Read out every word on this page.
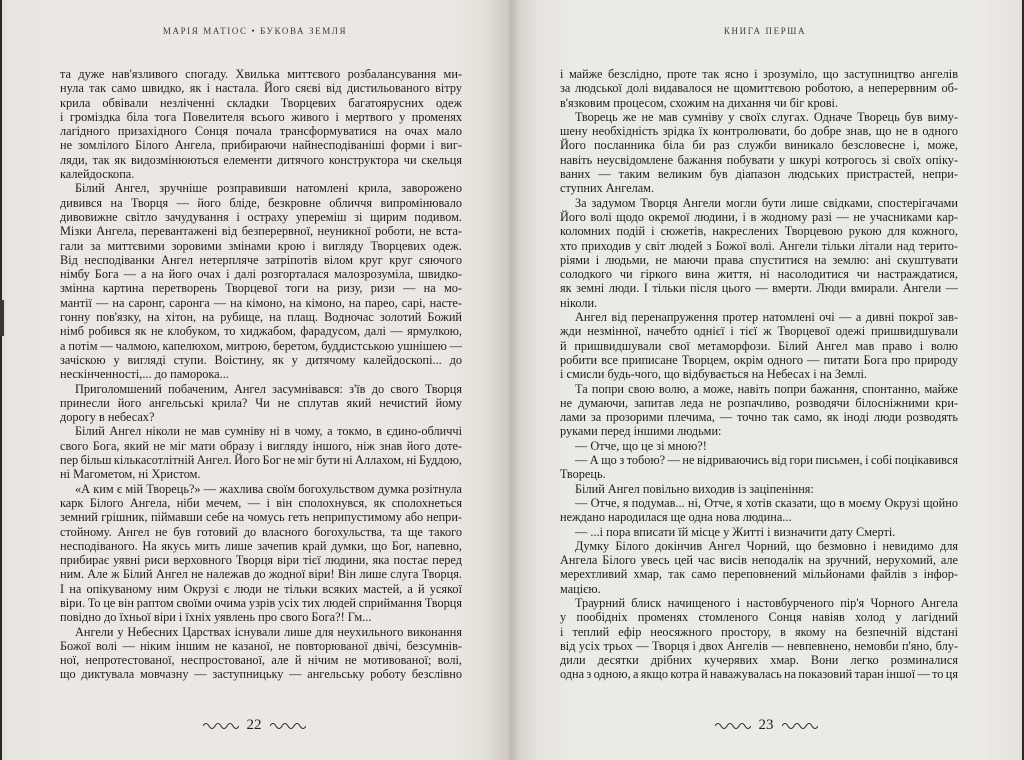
МАРІЯ МАТІОС • БУКОВА ЗЕМЛЯ
та дуже нав'язливого спогаду. Хвилька миттєвого розбалансування ми-
нула так само швидко, як і настала. Його сяєві від дистильованого вітру
крила обвівали незліченні складки Творцевих багатоярусних одеж
і громіздка біла тога Повелителя всього живого і мертвого у променях
лагідного призахідного Сонця почала трансформуватися на очах мало
не зомлілого Білого Ангела, прибираючи найнесподіваніші форми і виг-
ляди, так як видозмінюються елементи дитячого конструктора чи скельця
калейдоскопа.
Білий Ангел, зручніше розправивши натомлені крила, заворожено
дивився на Творця — його бліде, безкровне обличчя випромінювало
дивовижне світло зачудування і остраху упереміш зі щирим подивом.
Мізки Ангела, перевантажені від безперервної, неуникної роботи, не вста-
гали за миттєвими зоровими змінами крою і вигляду Творцевих одеж.
Від несподіванки Ангел нетерпляче затріпотів вілом круг круг сяючого
німбу Бога — а на його очах і далі розгорталася малозрозуміла, швидко-
змінна картина перетворень Творцевої тоги на ризу, ризи — на мо-
мантії — на саронг, саронга — на кімоно, на кімоно, на парео, сарі, насте-
гонну пов'язку, на хітон, на рубище, на плащ. Водночас золотий Божий
німб робився як не клобуком, то хиджабом, фарадусом, далі — ярмулкою,
а потім — чалмою, капелюхом, митрою, беретом, буддистською ушнішею —
зачіскою у вигляді ступи. Воістину, як у дитячому калейдоскопі... до
нескінченності,... до паморока...
Приголомшений побаченим, Ангел засумнівався: з'їв до свого Творця
принесли його ангельські крила? Чи не сплутав який нечистий йому
дорогу в небесах?
Білий Ангел ніколи не мав сумніву ні в чому, а токмо, в єдино-обличчі
свого Бога, який не міг мати образу і вигляду іншого, ніж знав його доте-
пер більш кількасотлітній Ангел. Його Бог не міг бути ні Аллахом, ні Буддою,
ні Магометом, ні Христом.
«А ким є мій Творець?» — жахлива своїм богохульством думка розітнула
карк Білого Ангела, ніби мечем, — і він сполохнувся, як сполохнеться
земний грішник, піймавши себе на чомусь геть неприпустимому або непри-
стойному. Ангел не був готовий до власного богохульства, та ще такого
несподіваного. На якусь мить лише зачепив край думки, що Бог, напевно,
прибирає уявні риси верховного Творця віри тієї людини, яка постає перед
ним. Але ж Білий Ангел не належав до жодної віри! Він лише слуга Творця.
І на опікуваному ним Окрузі є люди не тільки всяких мастей, а й усякої
віри. То це він раптом своїми очима узрів усіх тих людей сприймання Творця
повідно до їхньої віри і їхніх уявлень про свого Бога?! Гм...
Ангели у Небесних Царствах існували лише для неухильного виконання
Божої волі — ніким іншим не казаної, не повторюваної двічі, безсумнів-
ної, непротестованої, неспростованої, але й нічим не мотивованої; волі,
що диктувала мовчазну — заступницьку — ангельську роботу безслівно
22
КНИГА ПЕРША
і майже безслідно, проте так ясно і зрозуміло, що заступництво ангелів
за людської долі видавалося не щомиттєвою роботою, а неперервним об-
в'язковим процесом, схожим на дихання чи біг крові.
Творець же не мав сумніву у своїх слугах. Одначе Творець був виму-
шену необхідність зрідка їх контролювати, бо добре знав, що не в одного
Його посланника біла би раз служби виникало безсловесне і, може,
навіть неусвідомлене бажання побувати у шкурі котрогось зі своїх опіку-
ваних — таким великим був діапазон людських пристрастей, непри-
ступних Ангелам.
За задумом Творця Ангели могли бути лише свідками, спостерігачами
Його волі щодо окремої людини, і в жодному разі — не учасниками кар-
коломних подій і сюжетів, накреслених Творцевою рукою для кожного,
хто приходив у світ людей з Божої волі. Ангели тільки літали над терито-
ріями і людьми, не маючи права спуститися на землю: ані скуштувати
солодкого чи гіркого вина життя, ні насолодитися чи настраждатися,
як земні люди. І тільки після цього — вмерти. Люди вмирали. Ангели —
ніколи.
Ангел від перенапруження протер натомлені очі — а дивні покрої зав-
жди незмінної, начебто однієї і тієї ж Творцевої одежі пришвидшували
й пришвидшували свої метаморфози. Білий Ангел мав право і волю
робити все приписане Творцем, окрім одного — питати Бога про природу
і смисли будь-чого, що відбувається на Небесах і на Землі.
Та попри свою волю, а може, навіть попри бажання, спонтанно, майже
не думаючи, запитав леда не розпачливо, розводячи білосніжними кри-
лами за прозорими плечима, — точно так само, як іноді люди розводять
руками перед іншими людьми:
— Отче, що це зі мною?!
— А що з тобою? — не відриваючись від гори письмен, і собі поцікавився
Творець.
Білий Ангел повільно виходив із заціпеніння:
— Отче, я подумав... ні, Отче, я хотів сказати, що в моєму Окрузі щойно
неждано народилася ще одна нова людина...
— ...і пора вписати їй місце у Житті і визначити дату Смерті.
Думку Білого докінчив Ангел Чорний, що безмовно і невидимо для
Ангела Білого увесь цей час висів неподалік на зручний, нерухомий, але
мерехтливий хмар, так само переповнений мільйонами файлів з інфор-
мацією.
Траурний блиск начищеного і настовбурченого пір'я Чорного Ангела
у пообідніх променях стомленого Сонця навіяв холод у лагідний
і теплий ефір неосяжного простору, в якому на безпечній відстані
від усіх трьох — Творця і двох Ангелів — невпевнено, немовби п'яно, блу-
дили десятки дрібних кучерявих хмар. Вони легко розминалися
одна з одною, а якщо котра й наважувалась на показовий таран іншої — то ця
23
